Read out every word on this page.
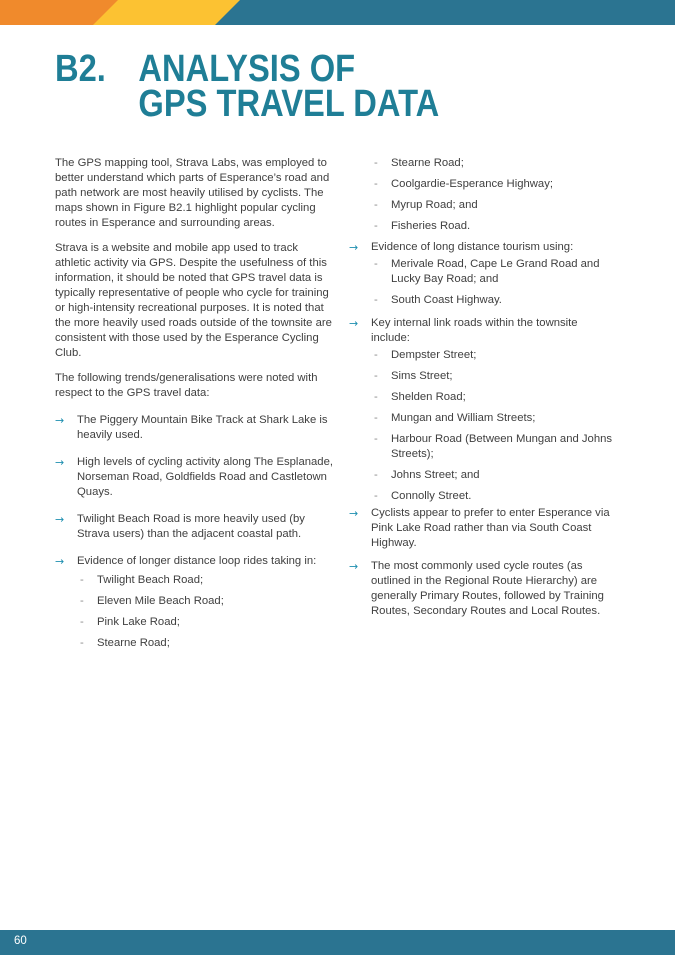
B2. ANALYSIS OF
GPS TRAVEL DATA

The GPS mapping tool, Strava Labs, was employed to better understand which parts of Esperance’s road and path network are most heavily utilised by cyclists. The maps shown in Figure B2.1 highlight popular cycling routes in Esperance and surrounding areas.

Strava is a website and mobile app used to track athletic activity via GPS. Despite the usefulness of this information, it should be noted that GPS travel data is typically representative of people who cycle for training or high-intensity recreational purposes. It is noted that the more heavily used roads outside of the townsite are consistent with those used by the Esperance Cycling Club.

The following trends/generalisations were noted with respect to the GPS travel data:

→ The Piggery Mountain Bike Track at Shark Lake is heavily used.
→ High levels of cycling activity along The Esplanade, Norseman Road, Goldfields Road and Castletown Quays.
→ Twilight Beach Road is more heavily used (by Strava users) than the adjacent coastal path.
→ Evidence of longer distance loop rides taking in:
- Twilight Beach Road;
- Eleven Mile Beach Road;
- Pink Lake Road;
- Stearne Road;
- Stearne Road;
- Coolgardie-Esperance Highway;
- Myrup Road; and
- Fisheries Road.
→ Evidence of long distance tourism using:
- Merivale Road, Cape Le Grand Road and Lucky Bay Road; and
- South Coast Highway.
→ Key internal link roads within the townsite include:
- Dempster Street;
- Sims Street;
- Shelden Road;
- Mungan and William Streets;
- Harbour Road (Between Mungan and Johns Streets);
- Johns Street; and
- Connolly Street.
→ Cyclists appear to prefer to enter Esperance via Pink Lake Road rather than via South Coast Highway.
→ The most commonly used cycle routes (as outlined in the Regional Route Hierarchy) are generally Primary Routes, followed by Training Routes, Secondary Routes and Local Routes.
60
